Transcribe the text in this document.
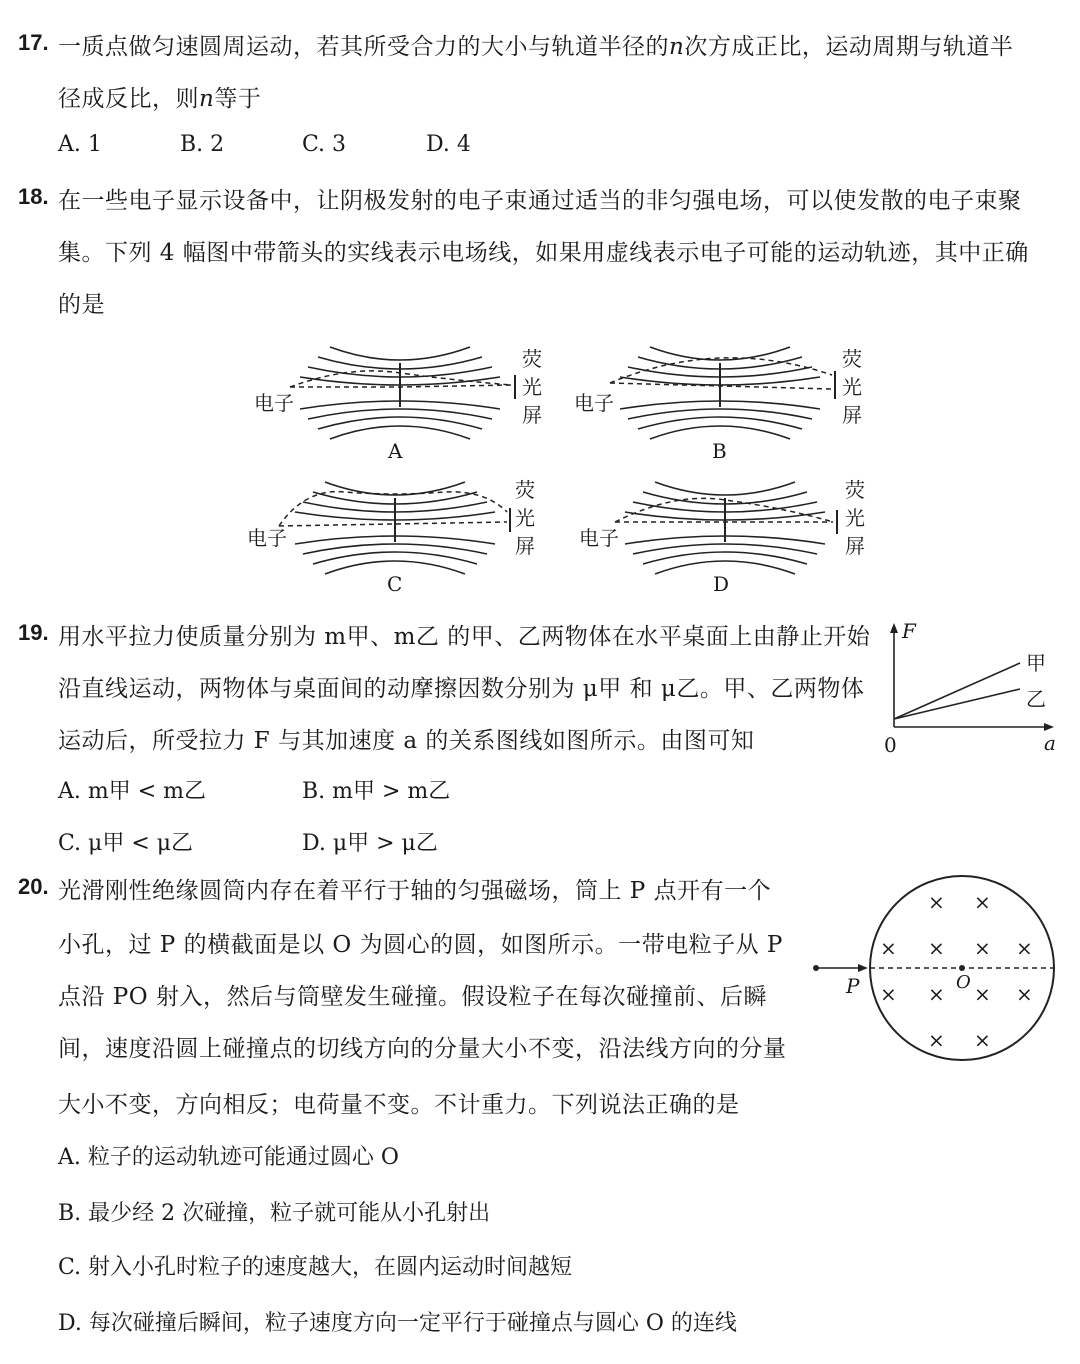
17. 一质点做匀速圆周运动，若其所受合力的大小与轨道半径的n次方成正比，运动周期与轨道半
径成反比，则n等于
A. 1	B. 2	C. 3	D. 4
18. 在一些电子显示设备中，让阴极发射的电子束通过适当的非匀强电场，可以使发散的电子束聚
集。下列 4 幅图中带箭头的实线表示电场线，如果用虚线表示电子可能的运动轨迹，其中正确
的是
电子
荧
光
屏
A
电子
荧
光
屏
B
电子
荧
光
屏
C
电子
荧
光
屏
D
19. 用水平拉力使质量分别为 m甲、m乙 的甲、乙两物体在水平桌面上由静止开始
沿直线运动，两物体与桌面间的动摩擦因数分别为 μ甲 和 μ乙。甲、乙两物体
运动后，所受拉力 F 与其加速度 a 的关系图线如图所示。由图可知
A. m甲 < m乙	B. m甲 > m乙
C. μ甲 < μ乙	D. μ甲 > μ乙
F
a
0
甲
乙
20. 光滑刚性绝缘圆筒内存在着平行于轴的匀强磁场，筒上 P 点开有一个
小孔，过 P 的横截面是以 O 为圆心的圆，如图所示。一带电粒子从 P
点沿 PO 射入，然后与筒壁发生碰撞。假设粒子在每次碰撞前、后瞬
间，速度沿圆上碰撞点的切线方向的分量大小不变，沿法线方向的分量
大小不变，方向相反；电荷量不变。不计重力。下列说法正确的是
A. 粒子的运动轨迹可能通过圆心 O
B. 最少经 2 次碰撞，粒子就可能从小孔射出
C. 射入小孔时粒子的速度越大，在圆内运动时间越短
D. 每次碰撞后瞬间，粒子速度方向一定平行于碰撞点与圆心 O 的连线
× ×
× × × ×
× × × ×
× ×
P	O
